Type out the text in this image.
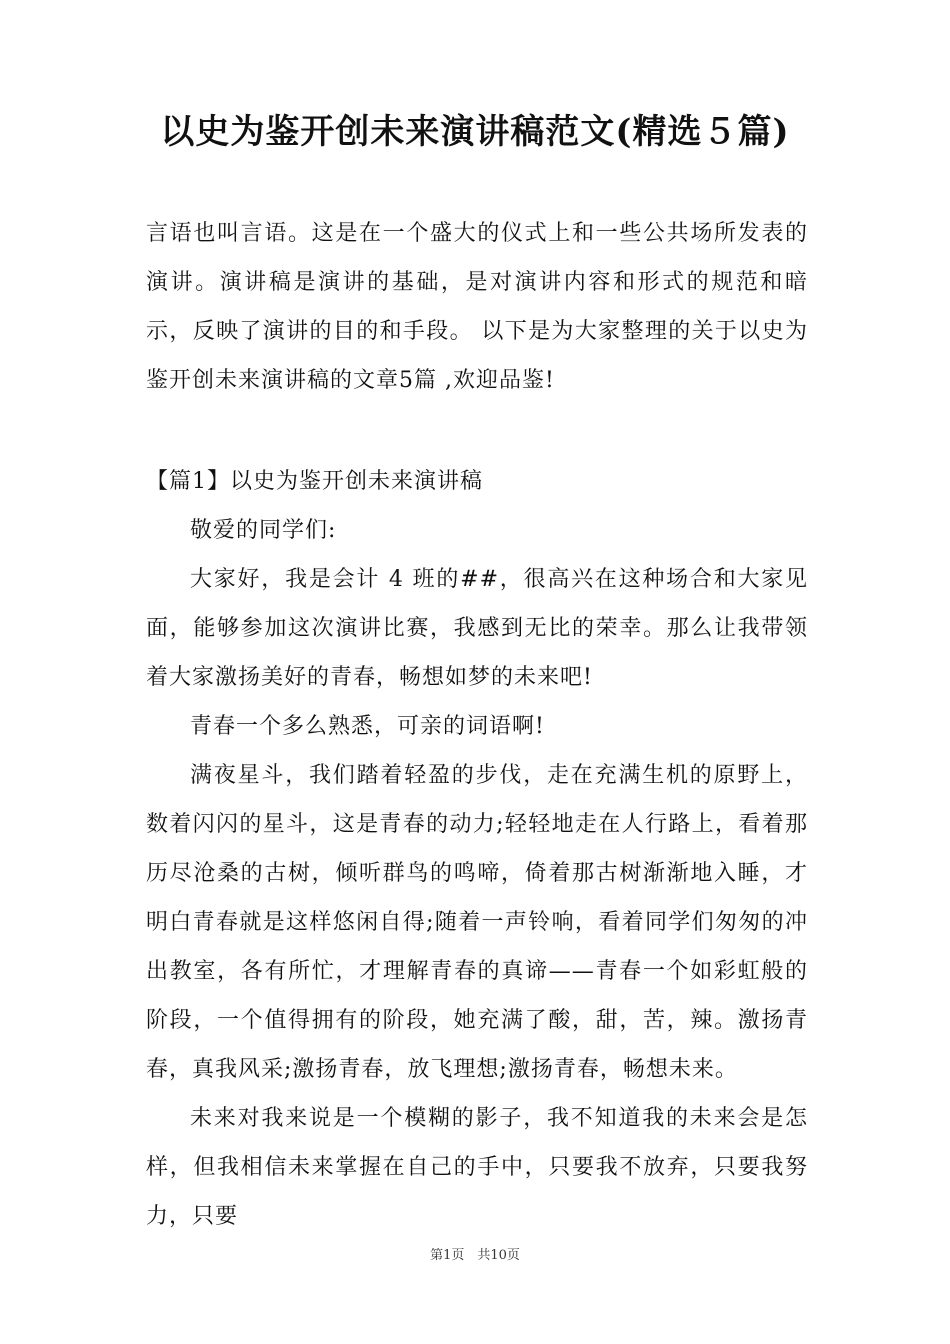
以史为鉴开创未来演讲稿范文(精选５篇)
言语也叫言语。这是在一个盛大的仪式上和一些公共场所发表的演讲。演讲稿是演讲的基础，是对演讲内容和形式的规范和暗示，反映了演讲的目的和手段。 以下是为大家整理的关于以史为鉴开创未来演讲稿的文章5篇 ,欢迎品鉴!

【篇1】以史为鉴开创未来演讲稿

敬爱的同学们:

大家好，我是会计 4 班的##，很高兴在这种场合和大家见面，能够参加这次演讲比赛，我感到无比的荣幸。那么让我带领着大家激扬美好的青春，畅想如梦的未来吧!

青春一个多么熟悉，可亲的词语啊!

满夜星斗，我们踏着轻盈的步伐，走在充满生机的原野上，数着闪闪的星斗，这是青春的动力;轻轻地走在人行路上，看着那历尽沧桑的古树，倾听群鸟的鸣啼，倚着那古树渐渐地入睡，才明白青春就是这样悠闲自得;随着一声铃响，看着同学们匆匆的冲出教室，各有所忙，才理解青春的真谛——青春一个如彩虹般的阶段，一个值得拥有的阶段，她充满了酸，甜，苦，辣。激扬青春，真我风采;激扬青春，放飞理想;激扬青春，畅想未来。

未来对我来说是一个模糊的影子，我不知道我的未来会是怎样，但我相信未来掌握在自己的手中，只要我不放弃，只要我努力，只要

第1页　共10页
